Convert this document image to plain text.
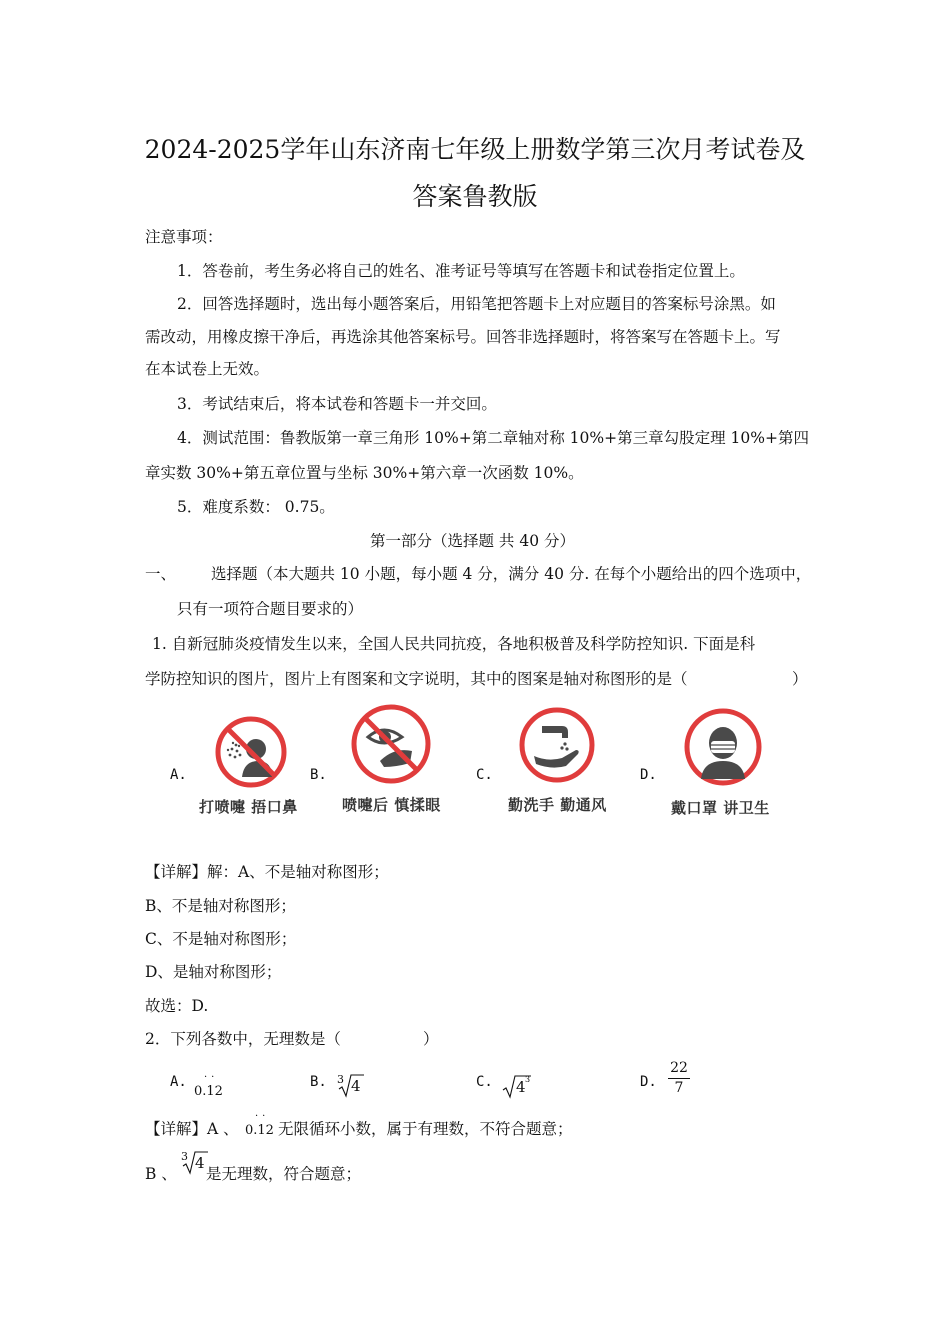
2024-2025学年山东济南七年级上册数学第三次月考试卷及
答案鲁教版
注意事项：
1．答卷前，考生务必将自己的姓名、准考证号等填写在答题卡和试卷指定位置上。
2．回答选择题时，选出每小题答案后，用铅笔把答题卡上对应题目的答案标号涂黑。如
需改动，用橡皮擦干净后，再选涂其他答案标号。回答非选择题时，将答案写在答题卡上。写
在本试卷上无效。
3．考试结束后，将本试卷和答题卡一并交回。
4．测试范围：鲁教版第一章三角形 10%+第二章轴对称 10%+第三章勾股定理 10%+第四
章实数 30%+第五章位置与坐标 30%+第六章一次函数 10%。
5．难度系数： 0.75。
第一部分（选择题 共 40 分）
一、 选择题（本大题共 10 小题，每小题 4 分，满分 40 分. 在每个小题给出的四个选项中，
只有一项符合题目要求的）
1. 自新冠肺炎疫情发生以来，全国人民共同抗疫，各地积极普及科学防控知识. 下面是科
学防控知识的图片，图片上有图案和文字说明，其中的图案是轴对称图形的是（	）
A.	B.	C.	D.
打喷嚏 捂口鼻	喷嚏后 慎揉眼	勤洗手 勤通风	戴口罩 讲卫生
【详解】解：A、不是轴对称图形；
B、不是轴对称图形；
C、不是轴对称图形；
D、是轴对称图形；
故选：D.
2．下列各数中，无理数是（	）
A.
0.12
··	B. 3 4	C. 4 3	D.
22
7
【详解】A 、 0.12
··
无限循环小数，属于有理数，不符合题意；
B 、
3 4
是无理数，符合题意；
